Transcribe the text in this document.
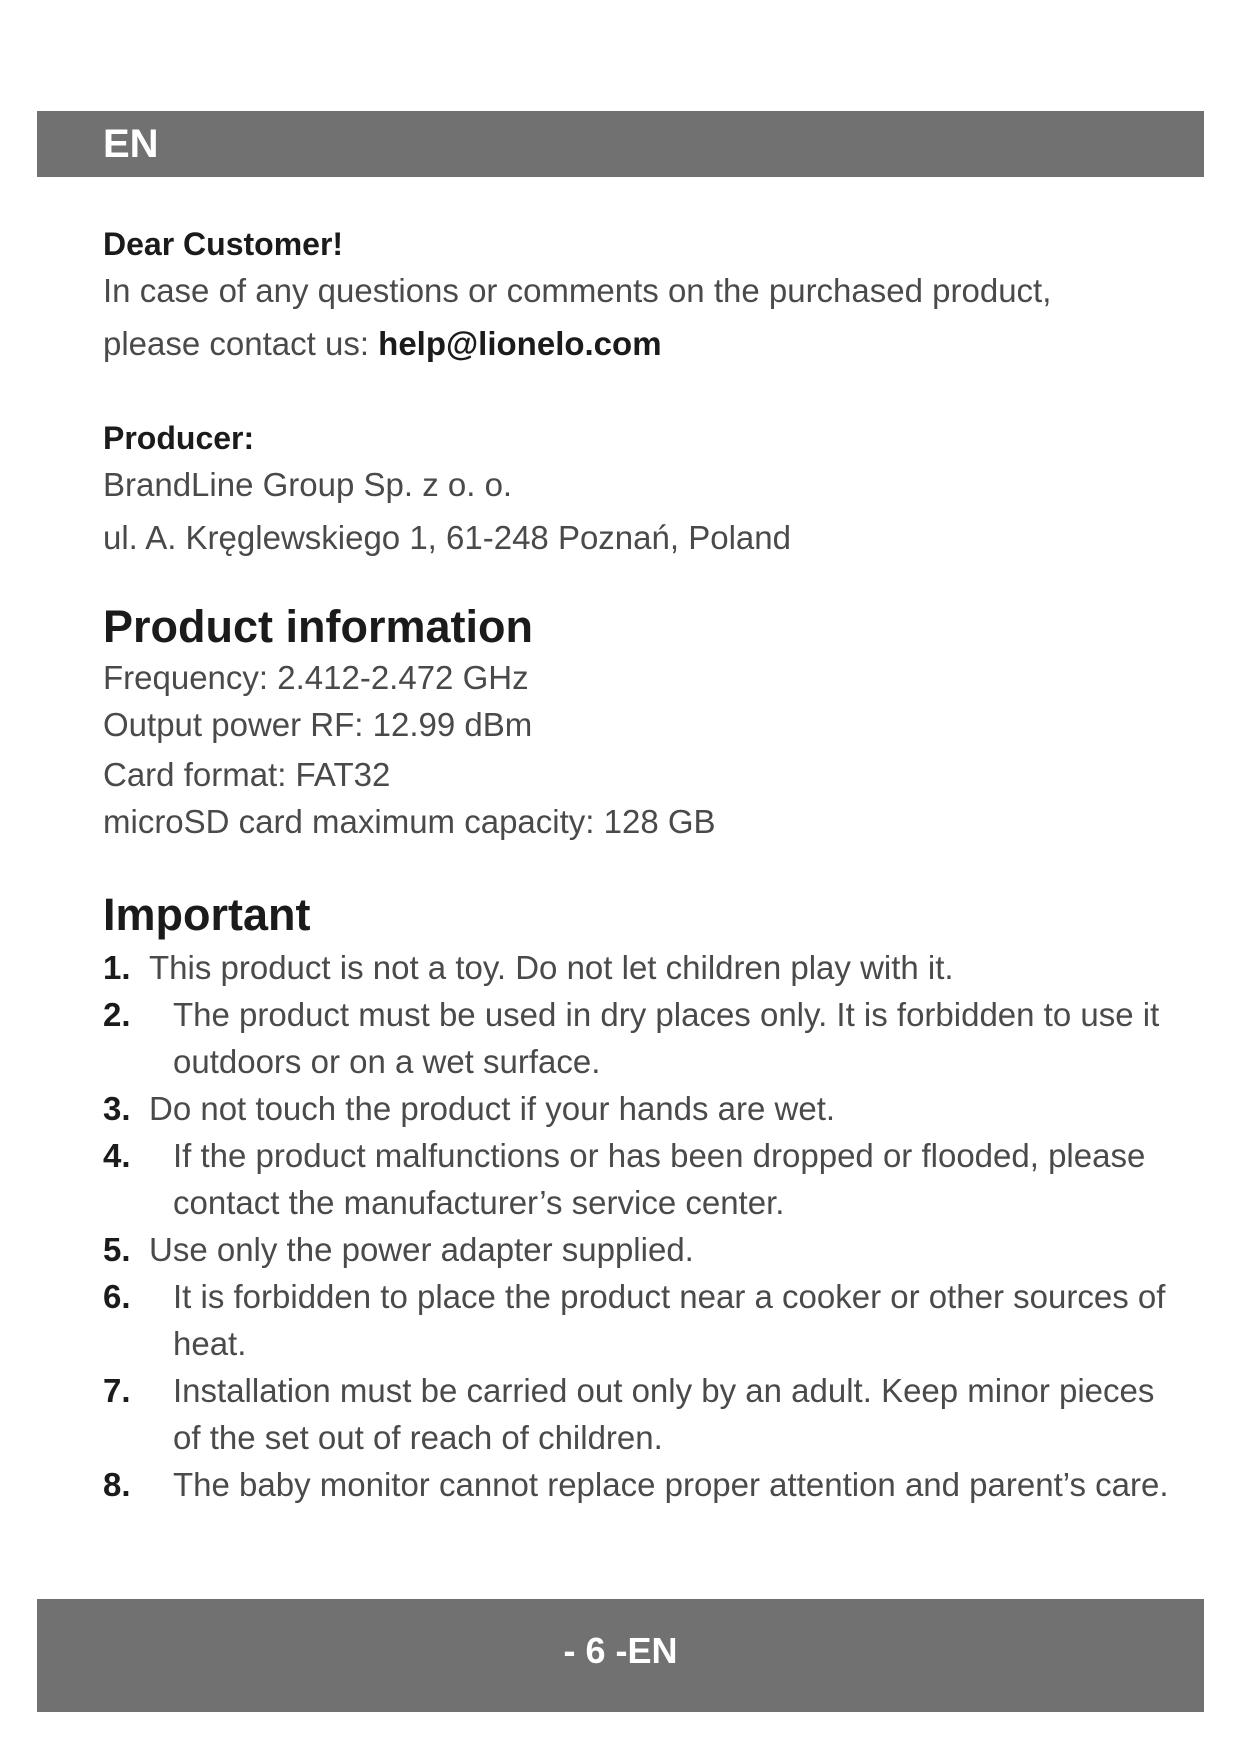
EN

Dear Customer!

In case of any questions or comments on the purchased product,

please contact us: help@lionelo.com

Producer:

BrandLine Group Sp. z o. o.

ul. A. Kręglewskiego 1, 61-248 Poznań, Poland

Product information

Frequency: 2.412-2.472 GHz

Output power RF: 12.99 dBm

Card format: FAT32

microSD card maximum capacity: 128 GB

Important

1. This product is not a toy. Do not let children play with it.

2. The product must be used in dry places only. It is forbidden to use it outdoors or on a wet surface.

3. Do not touch the product if your hands are wet.

4. If the product malfunctions or has been dropped or flooded, please contact the manufacturer’s service center.

5. Use only the power adapter supplied.

6. It is forbidden to place the product near a cooker or other sources of heat.

7. Installation must be carried out only by an adult. Keep minor pieces of the set out of reach of children.

8. The baby monitor cannot replace proper attention and parent’s care.

- 6 -EN
